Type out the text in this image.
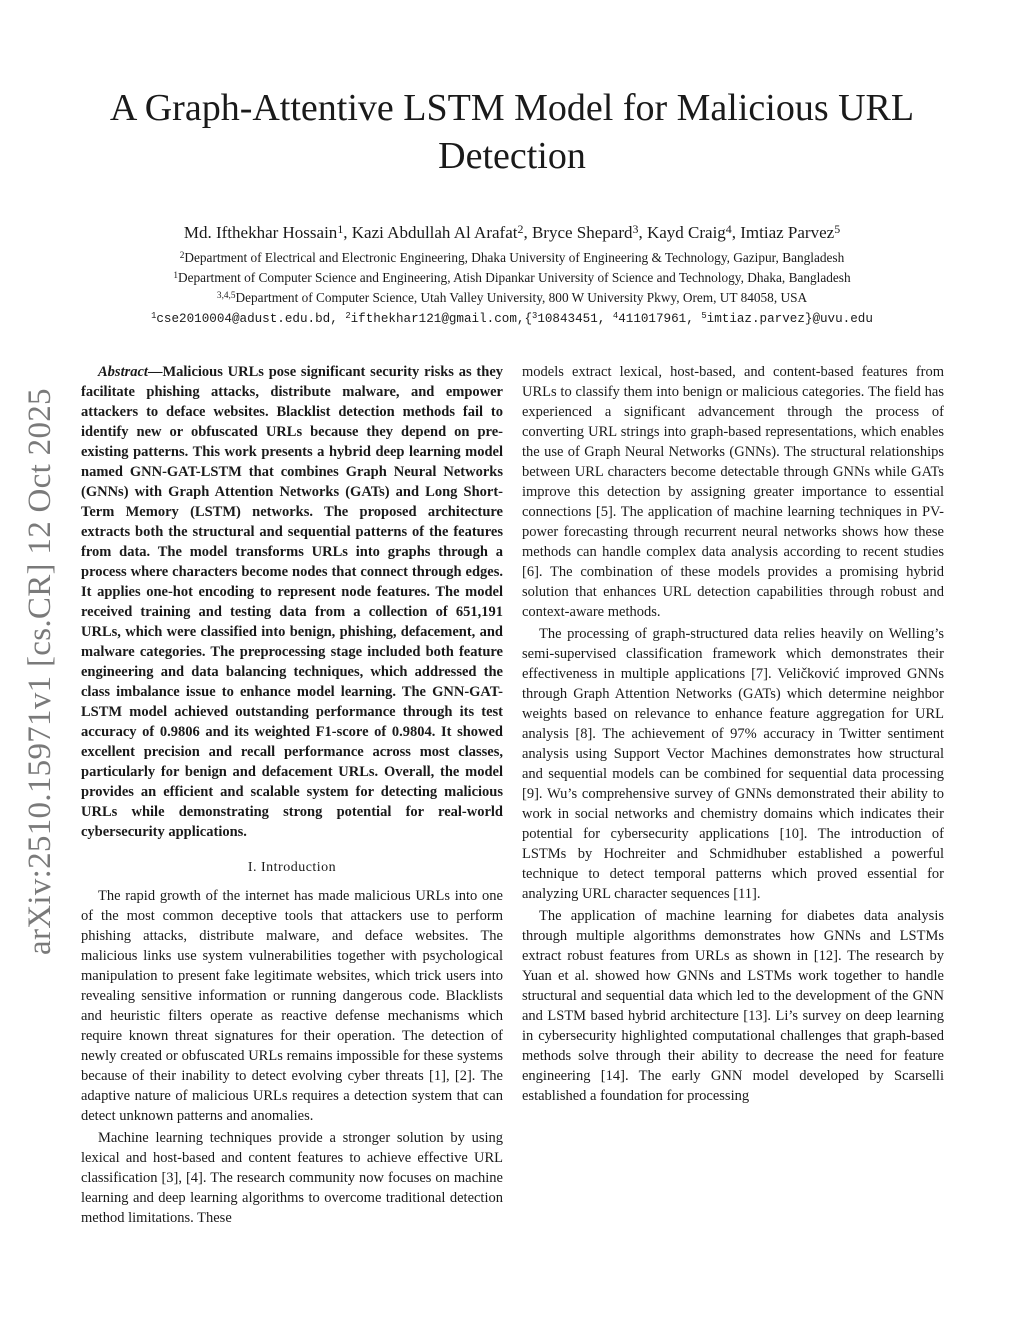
arXiv:2510.15971v1 [cs.CR] 12 Oct 2025
A Graph-Attentive LSTM Model for Malicious URL Detection

Md. Ifthekhar Hossain$^1$, Kazi Abdullah Al Arafat$^2$, Bryce Shepard$^3$, Kayd Craig$^4$, Imtiaz Parvez$^5$

$^2$Department of Electrical and Electronic Engineering, Dhaka University of Engineering & Technology, Gazipur, Bangladesh
$^1$Department of Computer Science and Engineering, Atish Dipankar University of Science and Technology, Dhaka, Bangladesh
$^{3,4,5}$Department of Computer Science, Utah Valley University, 800 W University Pkwy, Orem, UT 84058, USA

$^1$cse2010004@adust.edu.bd, $^2$ifthekhar121@gmail.com,{$^3$10843451, $^4$411017961, $^5$imtiaz.parvez}@uvu.edu

Abstract—Malicious URLs pose significant security risks as they facilitate phishing attacks, distribute malware, and empower attackers to deface websites. Blacklist detection methods fail to identify new or obfuscated URLs because they depend on pre-existing patterns. This work presents a hybrid deep learning model named GNN-GAT-LSTM that combines Graph Neural Networks (GNNs) with Graph Attention Networks (GATs) and Long Short-Term Memory (LSTM) networks. The proposed architecture extracts both the structural and sequential patterns of the features from data. The model transforms URLs into graphs through a process where characters become nodes that connect through edges. It applies one-hot encoding to represent node features. The model received training and testing data from a collection of 651,191 URLs, which were classified into benign, phishing, defacement, and malware categories. The preprocessing stage included both feature engineering and data balancing techniques, which addressed the class imbalance issue to enhance model learning. The GNN-GAT-LSTM model achieved outstanding performance through its test accuracy of 0.9806 and its weighted F1-score of 0.9804. It showed excellent precision and recall performance across most classes, particularly for benign and defacement URLs. Overall, the model provides an efficient and scalable system for detecting malicious URLs while demonstrating strong potential for real-world cybersecurity applications.

I. Introduction

The rapid growth of the internet has made malicious URLs into one of the most common deceptive tools that attackers use to perform phishing attacks, distribute malware, and deface websites. The malicious links use system vulnerabilities together with psychological manipulation to present fake legitimate websites, which trick users into revealing sensitive information or running dangerous code. Blacklists and heuristic filters operate as reactive defense mechanisms which require known threat signatures for their operation. The detection of newly created or obfuscated URLs remains impossible for these systems because of their inability to detect evolving cyber threats [1], [2]. The adaptive nature of malicious URLs requires a detection system that can detect unknown patterns and anomalies.

Machine learning techniques provide a stronger solution by using lexical and host-based and content features to achieve effective URL classification [3], [4]. The research community now focuses on machine learning and deep learning algorithms to overcome traditional detection method limitations. These

models extract lexical, host-based, and content-based features from URLs to classify them into benign or malicious categories. The field has experienced a significant advancement through the process of converting URL strings into graph-based representations, which enables the use of Graph Neural Networks (GNNs). The structural relationships between URL characters become detectable through GNNs while GATs improve this detection by assigning greater importance to essential connections [5]. The application of machine learning techniques in PV-power forecasting through recurrent neural networks shows how these methods can handle complex data analysis according to recent studies [6]. The combination of these models provides a promising hybrid solution that enhances URL detection capabilities through robust and context-aware methods.

The processing of graph-structured data relies heavily on Welling’s semi-supervised classification framework which demonstrates their effectiveness in multiple applications [7]. Veličković improved GNNs through Graph Attention Networks (GATs) which determine neighbor weights based on relevance to enhance feature aggregation for URL analysis [8]. The achievement of 97% accuracy in Twitter sentiment analysis using Support Vector Machines demonstrates how structural and sequential models can be combined for sequential data processing [9]. Wu’s comprehensive survey of GNNs demonstrated their ability to work in social networks and chemistry domains which indicates their potential for cybersecurity applications [10]. The introduction of LSTMs by Hochreiter and Schmidhuber established a powerful technique to detect temporal patterns which proved essential for analyzing URL character sequences [11].

The application of machine learning for diabetes data analysis through multiple algorithms demonstrates how GNNs and LSTMs extract robust features from URLs as shown in [12]. The research by Yuan et al. showed how GNNs and LSTMs work together to handle structural and sequential data which led to the development of the GNN and LSTM based hybrid architecture [13]. Li’s survey on deep learning in cybersecurity highlighted computational challenges that graph-based methods solve through their ability to decrease the need for feature engineering [14]. The early GNN model developed by Scarselli established a foundation for processing
